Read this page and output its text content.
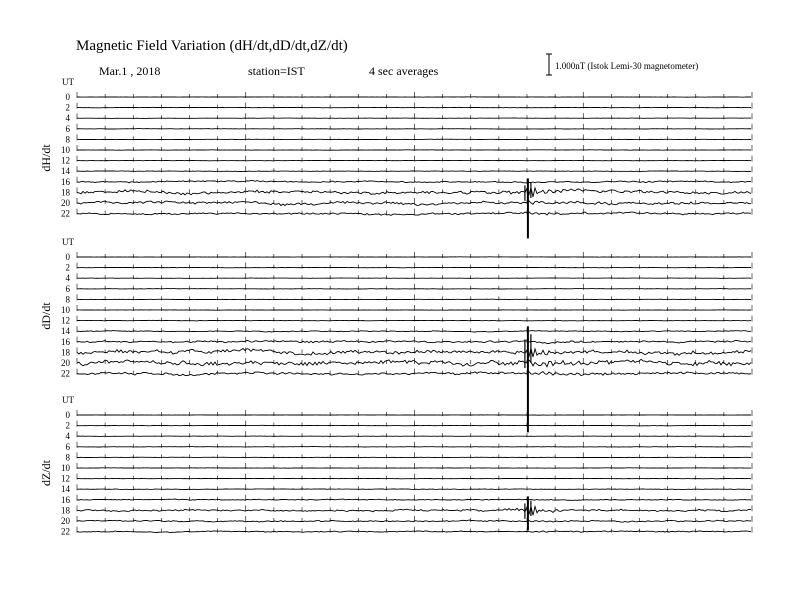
Magnetic Field Variation (dH/dt,dD/dt,dZ/dt)
Mar.1 , 2018	station=IST	4 sec averages	1.000nT (Istok Lemi-30 magnetometer)
UT
dH/dt
0
2
4
6
8
10
12
14
16
18
20
22
UT
dD/dt
0
2
4
6
8
10
12
14
16
18
20
22
UT
dZ/dt
0
2
4
6
8
10
12
14
16
18
20
22
